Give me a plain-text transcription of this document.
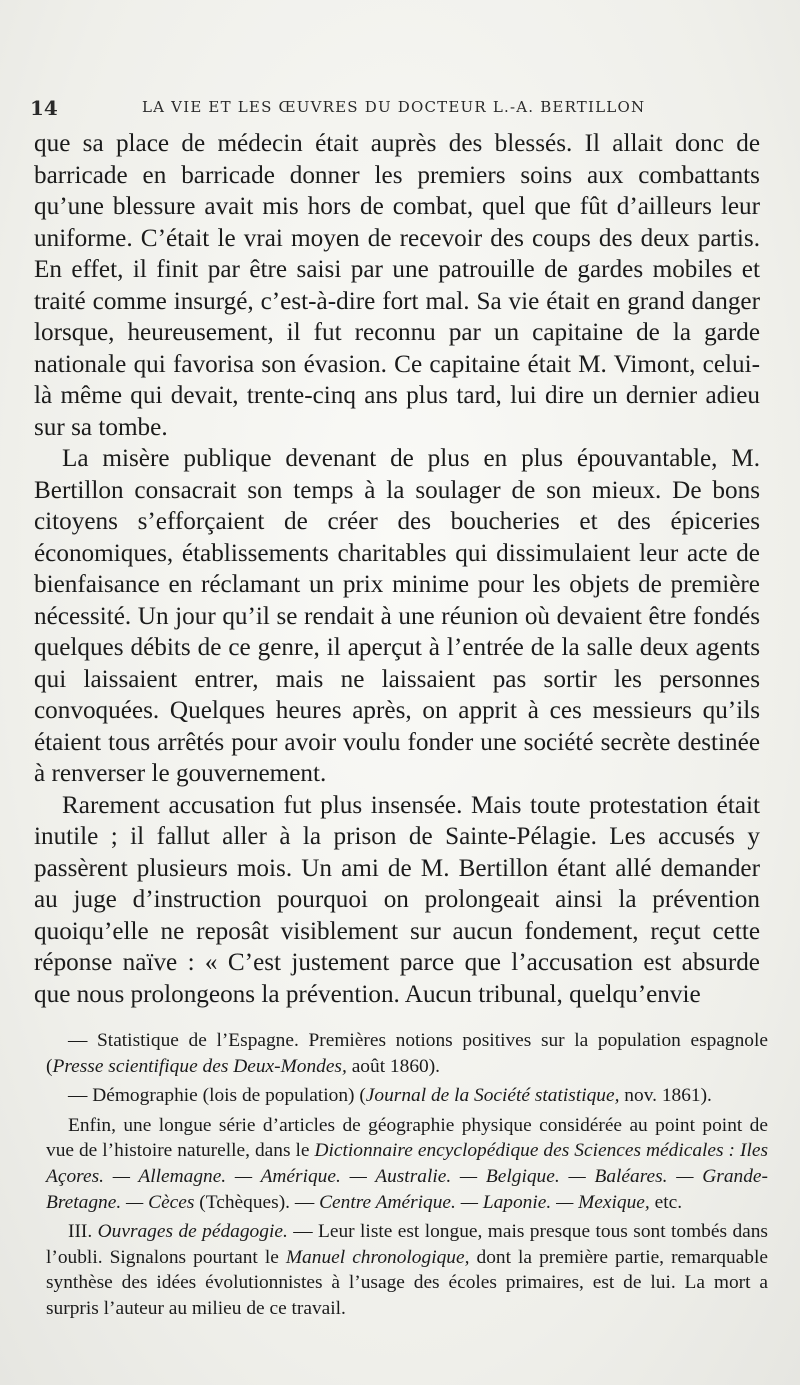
14	LA VIE ET LES ŒUVRES DU DOCTEUR L.-A. BERTILLON

que sa place de médecin était auprès des blessés. Il allait donc de barricade en barricade donner les premiers soins aux combattants qu’une blessure avait mis hors de combat, quel que fût d’ailleurs leur uniforme. C’était le vrai moyen de recevoir des coups des deux partis. En effet, il finit par être saisi par une patrouille de gardes mobiles et traité comme insurgé, c’est-à-dire fort mal. Sa vie était en grand danger lorsque, heureusement, il fut reconnu par un capitaine de la garde nationale qui favorisa son évasion. Ce capitaine était M. Vimont, celui-là même qui devait, trente-cinq ans plus tard, lui dire un dernier adieu sur sa tombe.

La misère publique devenant de plus en plus épouvantable, M. Bertillon consacrait son temps à la soulager de son mieux. De bons citoyens s’efforçaient de créer des boucheries et des épiceries économiques, établissements charitables qui dissimulaient leur acte de bienfaisance en réclamant un prix minime pour les objets de première nécessité. Un jour qu’il se rendait à une réunion où devaient être fondés quelques débits de ce genre, il aperçut à l’entrée de la salle deux agents qui laissaient entrer, mais ne laissaient pas sortir les personnes convoquées. Quelques heures après, on apprit à ces messieurs qu’ils étaient tous arrêtés pour avoir voulu fonder une société secrète destinée à renverser le gouvernement.

Rarement accusation fut plus insensée. Mais toute protestation était inutile ; il fallut aller à la prison de Sainte-Pélagie. Les accusés y passèrent plusieurs mois. Un ami de M. Bertillon étant allé demander au juge d’instruction pourquoi on prolongeait ainsi la prévention quoiqu’elle ne reposât visiblement sur aucun fondement, reçut cette réponse naïve : « C’est justement parce que l’accusation est absurde que nous prolongeons la prévention. Aucun tribunal, quelqu’envie

— Statistique de l’Espagne. Premières notions positives sur la population espagnole (Presse scientifique des Deux-Mondes, août 1860).

— Démographie (lois de population) (Journal de la Société statistique, nov. 1861).

Enfin, une longue série d’articles de géographie physique considérée au point point de vue de l’histoire naturelle, dans le Dictionnaire encyclopédique des Sciences médicales : Iles Açores. — Allemagne. — Amérique. — Australie. — Belgique. — Baléares. — Grande-Bretagne. — Cèces (Tchèques). — Centre Amérique. — Laponie. — Mexique, etc.

III. Ouvrages de pédagogie. — Leur liste est longue, mais presque tous sont tombés dans l’oubli. Signalons pourtant le Manuel chronologique, dont la première partie, remarquable synthèse des idées évolutionnistes à l’usage des écoles primaires, est de lui. La mort a surpris l’auteur au milieu de ce travail.
